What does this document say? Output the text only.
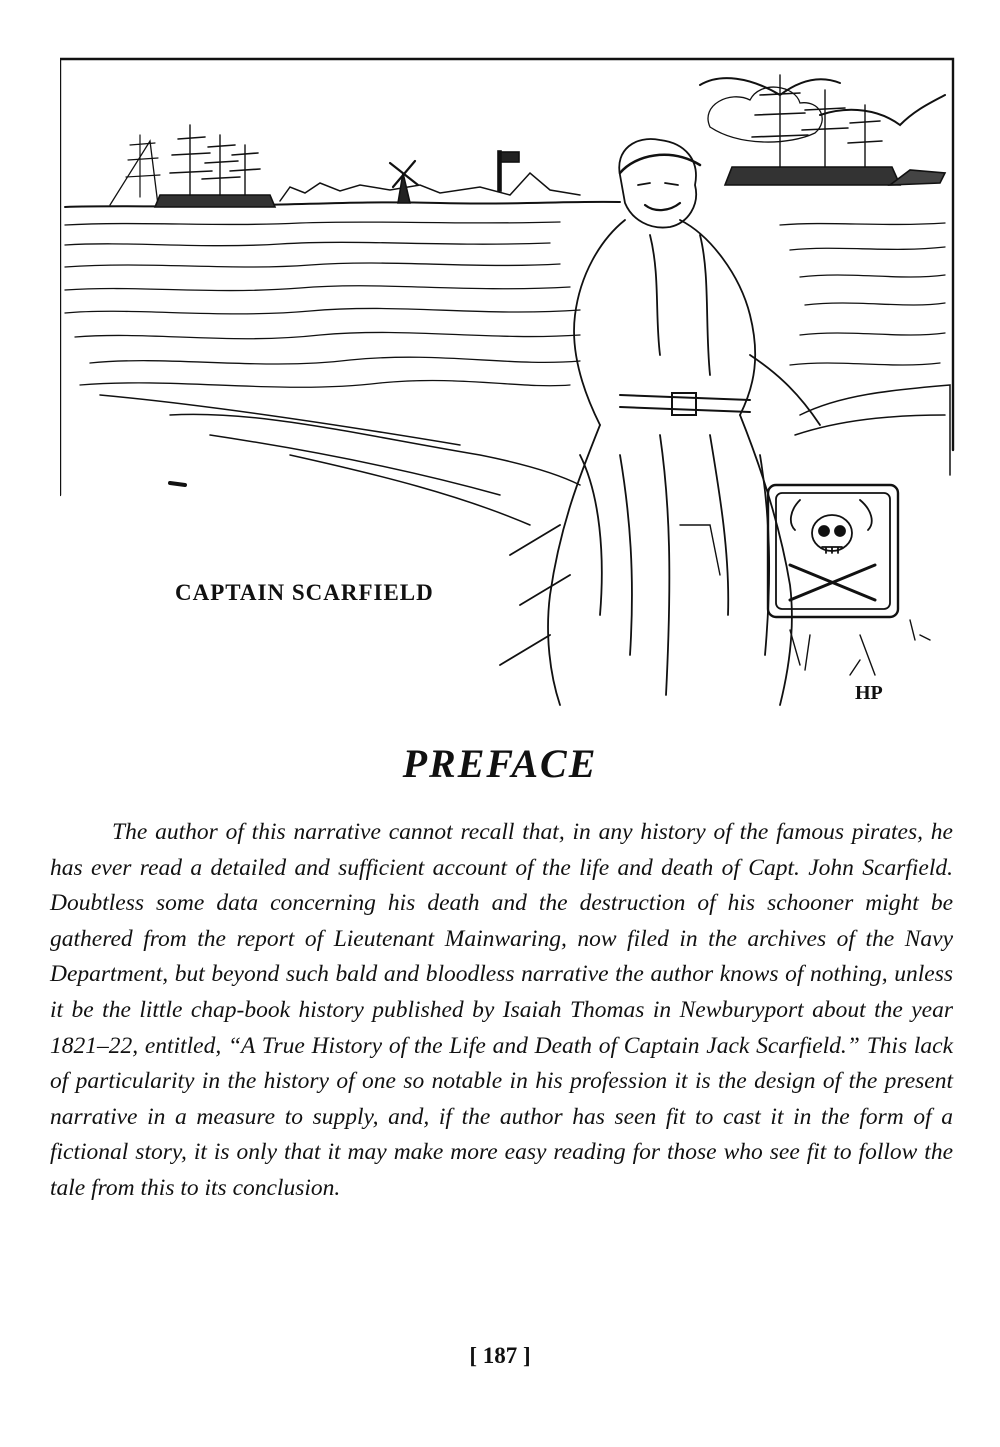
CAPTAIN SCARFIELD
HP
PREFACE

The author of this narrative cannot recall that, in any history of the famous pirates, he has ever read a detailed and sufficient account of the life and death of Capt. John Scarfield. Doubtless some data concerning his death and the destruction of his schooner might be gathered from the report of Lieutenant Mainwaring, now filed in the archives of the Navy Department, but beyond such bald and bloodless narrative the author knows of nothing, unless it be the little chap-book history published by Isaiah Thomas in Newburyport about the year 1821–22, entitled, “A True History of the Life and Death of Captain Jack Scarfield.” This lack of particularity in the history of one so notable in his profession it is the design of the present narrative in a measure to supply, and, if the author has seen fit to cast it in the form of a fictional story, it is only that it may make more easy reading for those who see fit to follow the tale from this to its conclusion.

[ 187 ]
